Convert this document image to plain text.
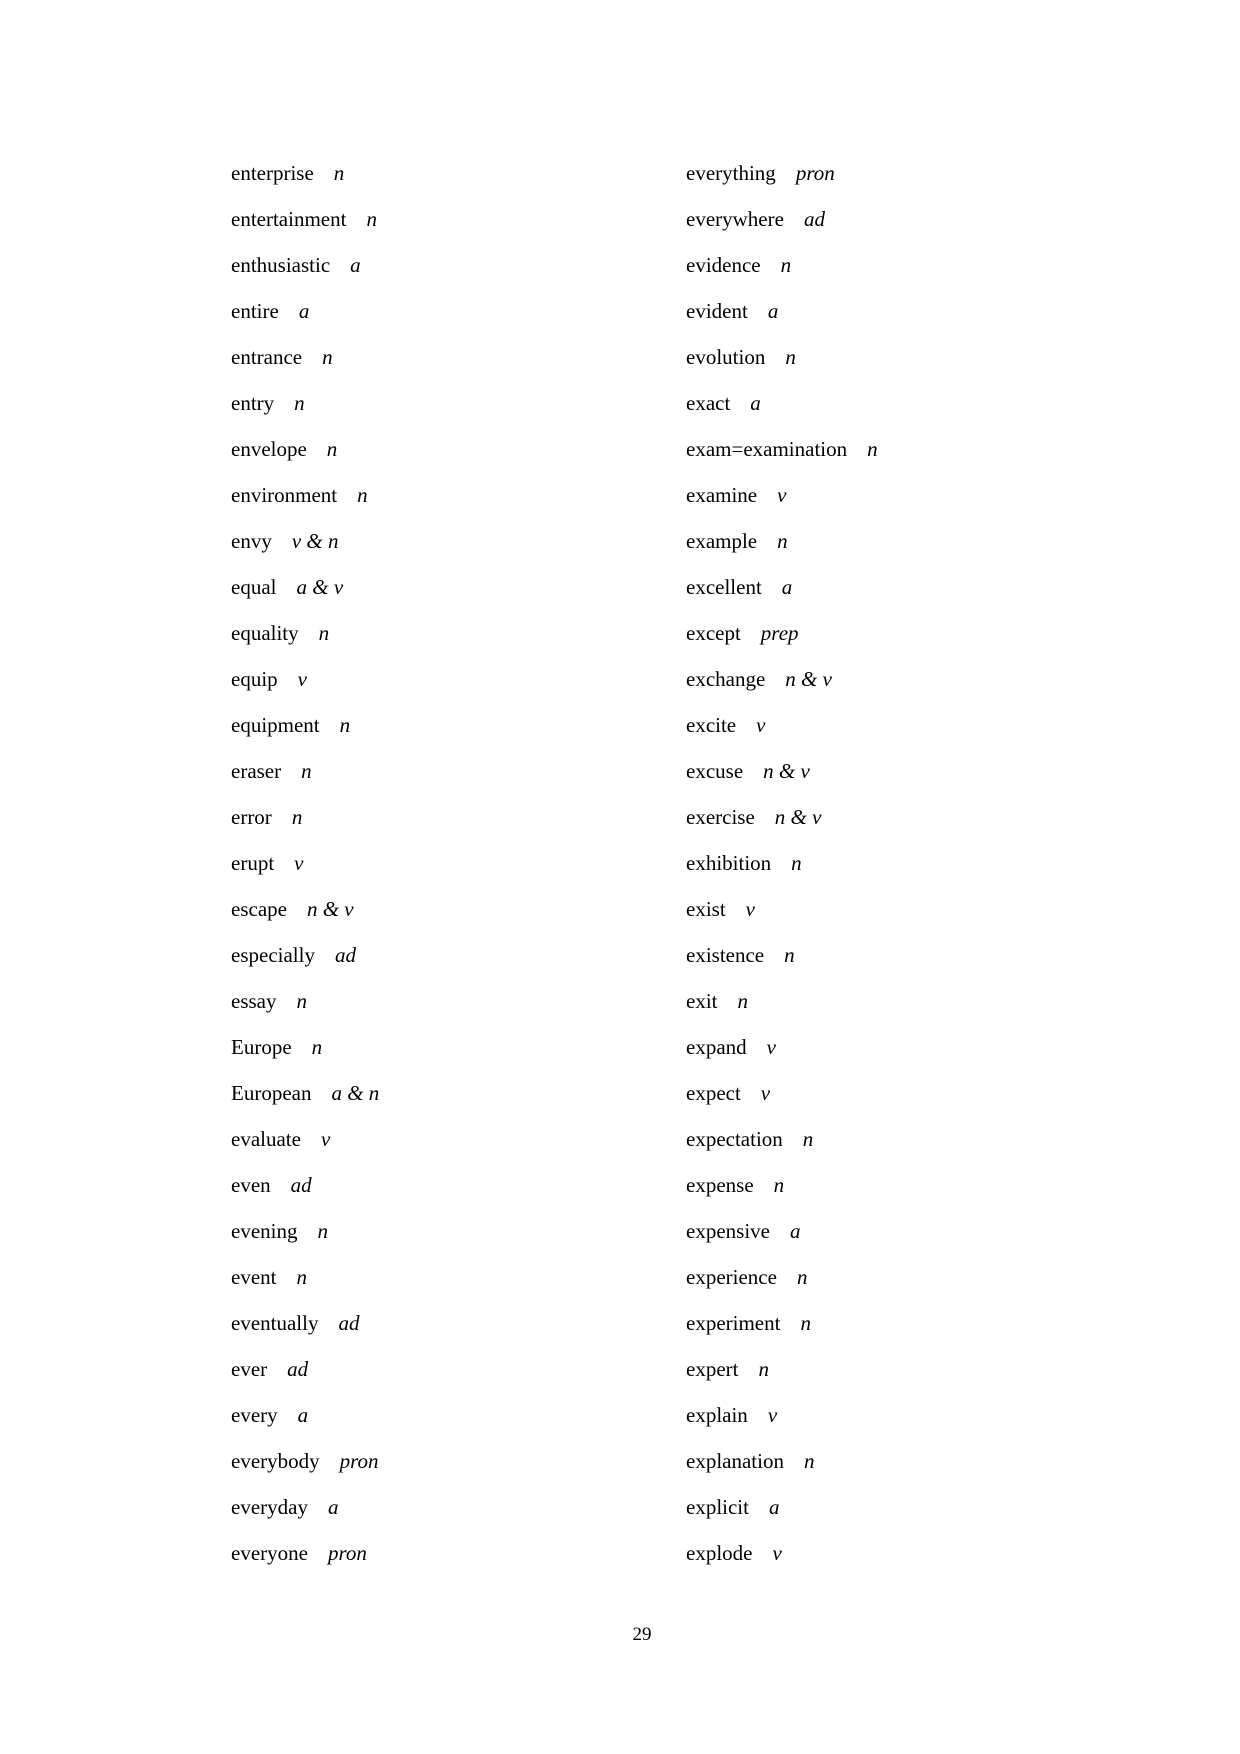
enterprise n
entertainment n
enthusiastic a
entire a
entrance n
entry n
envelope n
environment n
envy v & n
equal a & v
equality n
equip v
equipment n
eraser n
error n
erupt v
escape n & v
especially ad
essay n
Europe n
European a & n
evaluate v
even ad
evening n
event n
eventually ad
ever ad
every a
everybody pron
everyday a
everyone pron
everything pron
everywhere ad
evidence n
evident a
evolution n
exact a
exam=examination n
examine v
example n
excellent a
except prep
exchange n & v
excite v
excuse n & v
exercise n & v
exhibition n
exist v
existence n
exit n
expand v
expect v
expectation n
expense n
expensive a
experience n
experiment n
expert n
explain v
explanation n
explicit a
explode v
29
